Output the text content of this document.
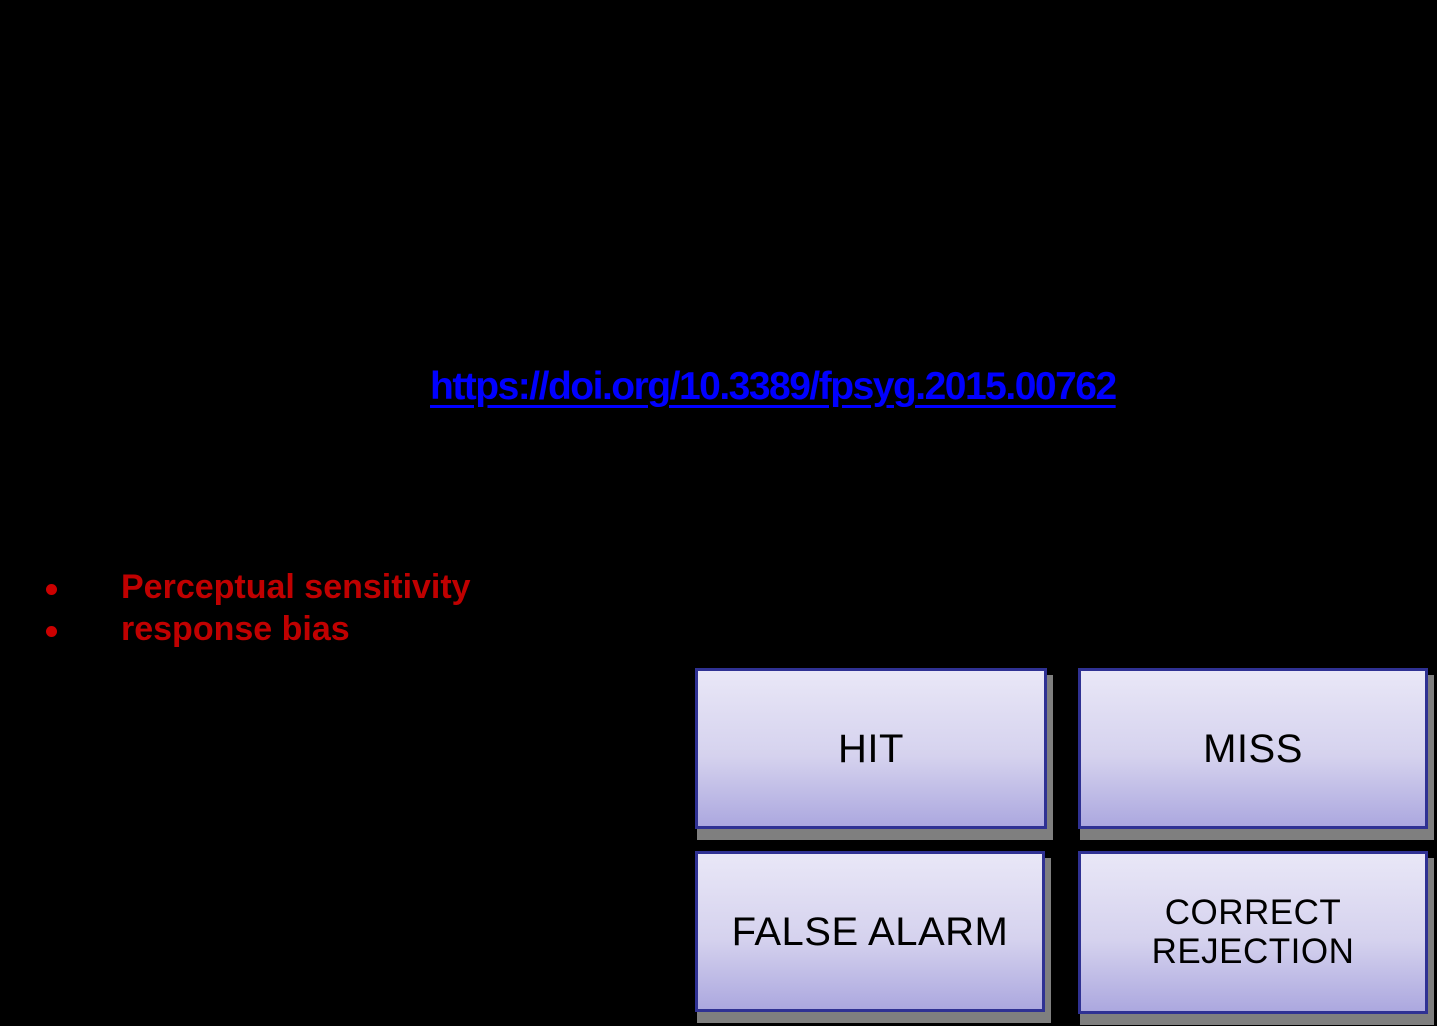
https://doi.org/10.3389/fpsyg.2015.00762
Perceptual sensitivity
response bias
HIT	MISS
FALSE ALARM	CORRECT REJECTION
